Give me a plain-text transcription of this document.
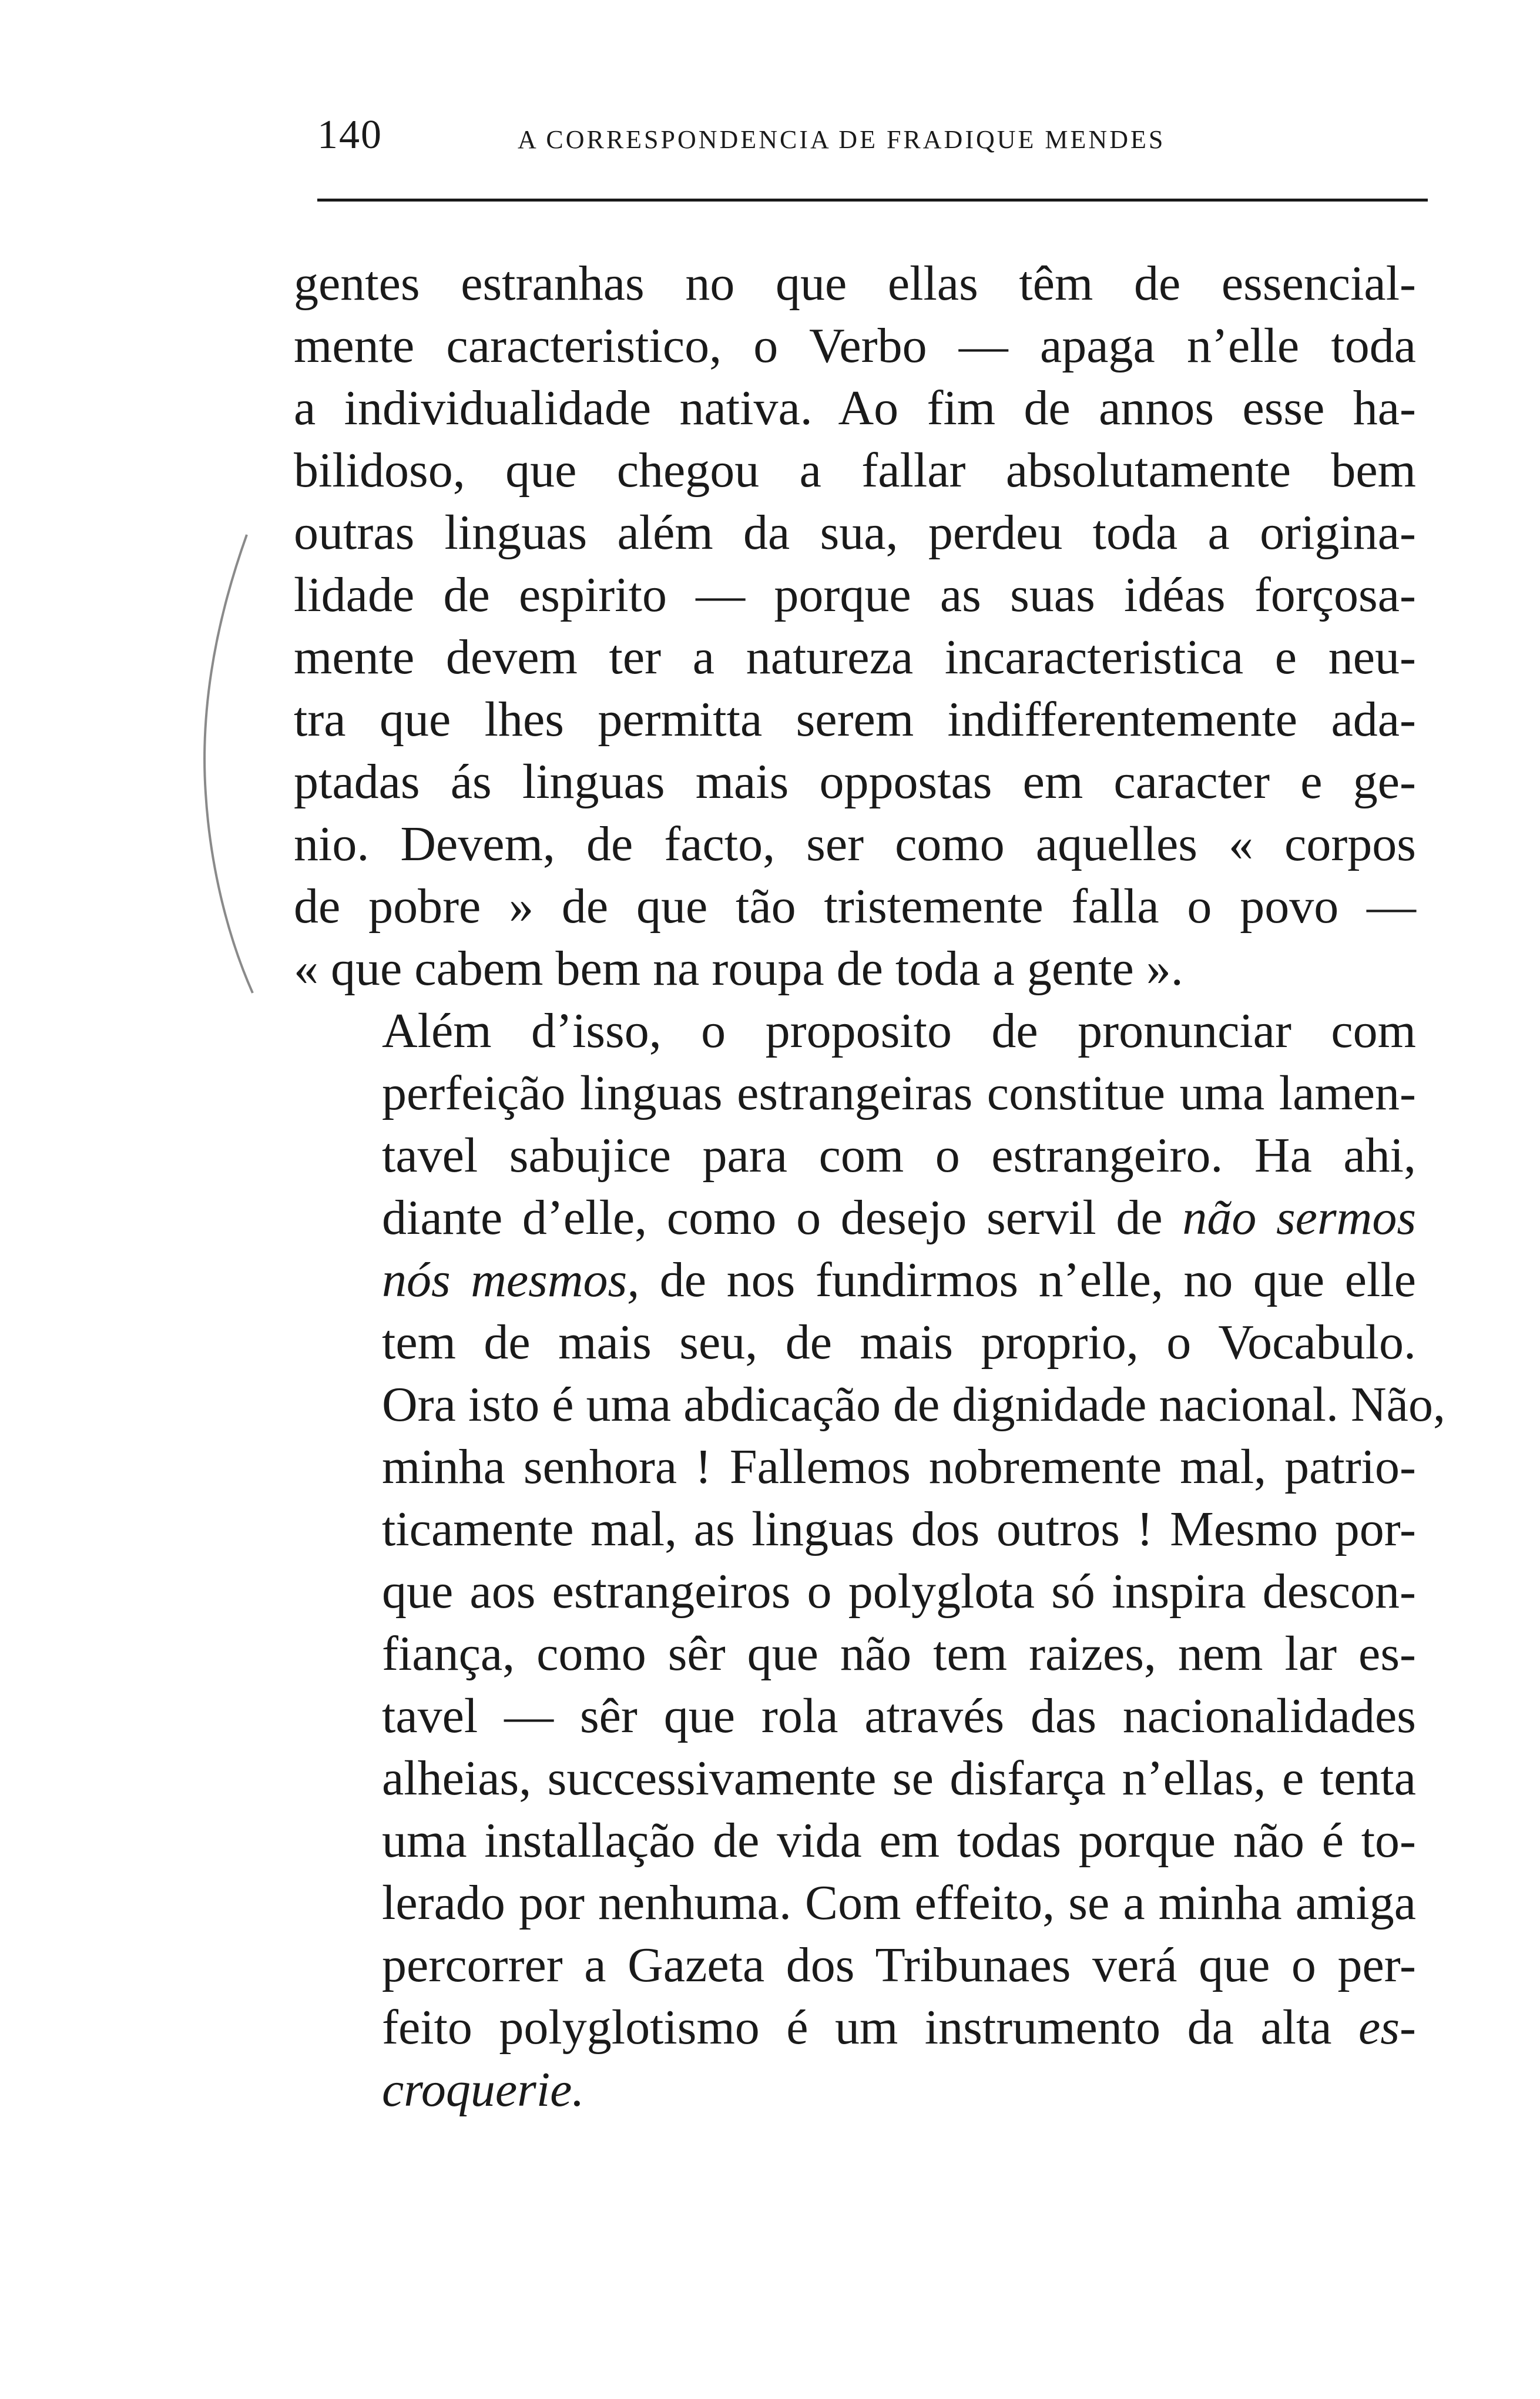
140	A CORRESPONDENCIA DE FRADIQUE MENDES

gentes estranhas no que ellas têm de essencial-
mente caracteristico, o Verbo — apaga n’elle toda
a individualidade nativa. Ao fim de annos esse ha-
bilidoso, que chegou a fallar absolutamente bem
outras linguas além da sua, perdeu toda a origina-
lidade de espirito — porque as suas idéas forçosa-
mente devem ter a natureza incaracteristica e neu-
tra que lhes permitta serem indifferentemente ada-
ptadas ás linguas mais oppostas em caracter e ge-
nio. Devem, de facto, ser como aquelles « corpos
de pobre » de que tão tristemente falla o povo —
« que cabem bem na roupa de toda a gente ».

Além d’isso, o proposito de pronunciar com
perfeição linguas estrangeiras constitue uma lamen-
tavel sabujice para com o estrangeiro. Ha ahi,
diante d’elle, como o desejo servil de não sermos
nós mesmos, de nos fundirmos n’elle, no que elle
tem de mais seu, de mais proprio, o Vocabulo.
Ora isto é uma abdicação de dignidade nacional. Não,
minha senhora ! Fallemos nobremente mal, patrio-
ticamente mal, as linguas dos outros ! Mesmo por-
que aos estrangeiros o polyglota só inspira descon-
fiança, como sêr que não tem raizes, nem lar es-
tavel — sêr que rola através das nacionalidades
alheias, successivamente se disfarça n’ellas, e tenta
uma installação de vida em todas porque não é to-
lerado por nenhuma. Com effeito, se a minha amiga
percorrer a Gazeta dos Tribunaes verá que o per-
feito polyglotismo é um instrumento da alta es-
croquerie.
